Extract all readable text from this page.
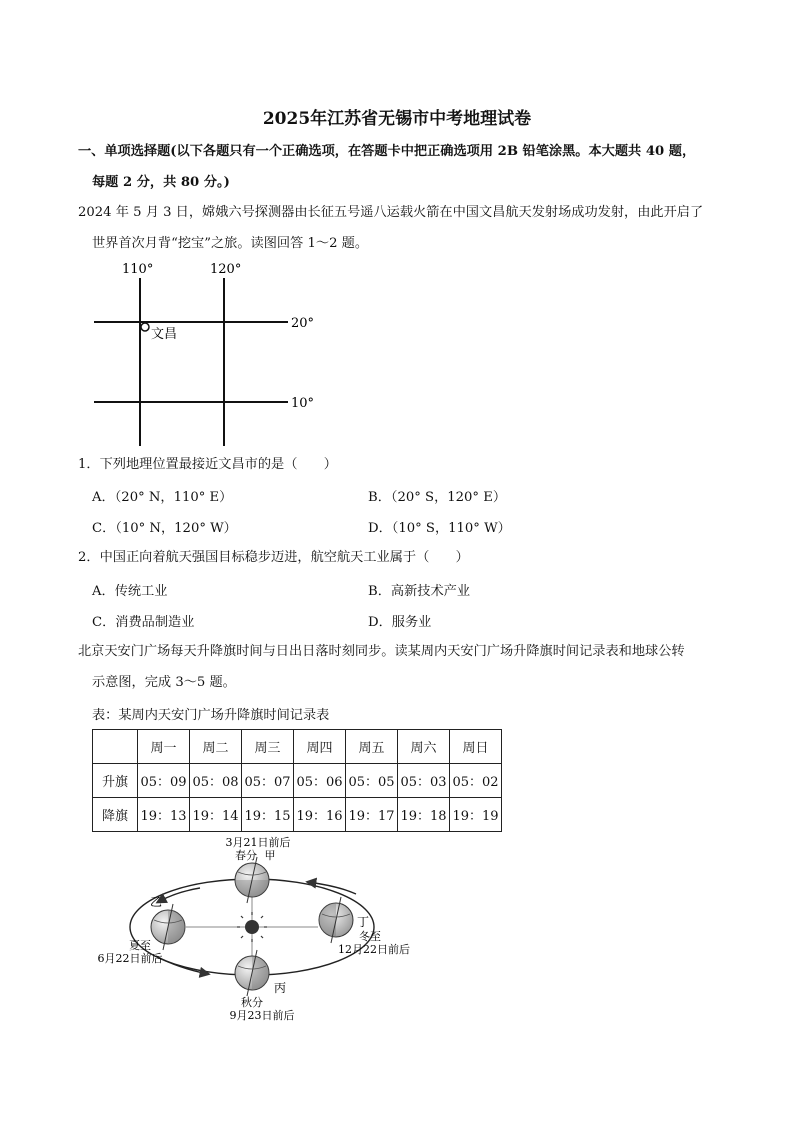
2025年江苏省无锡市中考地理试卷
一、单项选择题(以下各题只有一个正确选项，在答题卡中把正确选项用 2B 铅笔涂黑。本大题共 40 题，
每题 2 分，共 80 分。)
2024 年 5 月 3 日，嫦娥六号探测器由长征五号遥八运载火箭在中国文昌航天发射场成功发射，由此开启了
世界首次月背“挖宝”之旅。读图回答 1～2 题。
110°	120°
20°
10°
文昌
1．下列地理位置最接近文昌市的是（　　）
A．（20° N，110° E）	B．（20° S，120° E）
C．（10° N，120° W）	D．（10° S，110° W）
2．中国正向着航天强国目标稳步迈进，航空航天工业属于（　　）
A．传统工业	B．高新技术产业
C．消费品制造业	D．服务业
北京天安门广场每天升降旗时间与日出日落时刻同步。读某周内天安门广场升降旗时间记录表和地球公转
示意图，完成 3～5 题。
表：某周内天安门广场升降旗时间记录表
	周一	周二	周三	周四	周五	周六	周日
升旗	05：09	05：08	05：07	05：06	05：05	05：03	05：02
降旗	19：13	19：14	19：15	19：16	19：17	19：18	19：19
3月21日前后
春分 甲
乙
夏至
6月22日前后
丁
冬至
12月22日前后
丙
秋分
9月23日前后
